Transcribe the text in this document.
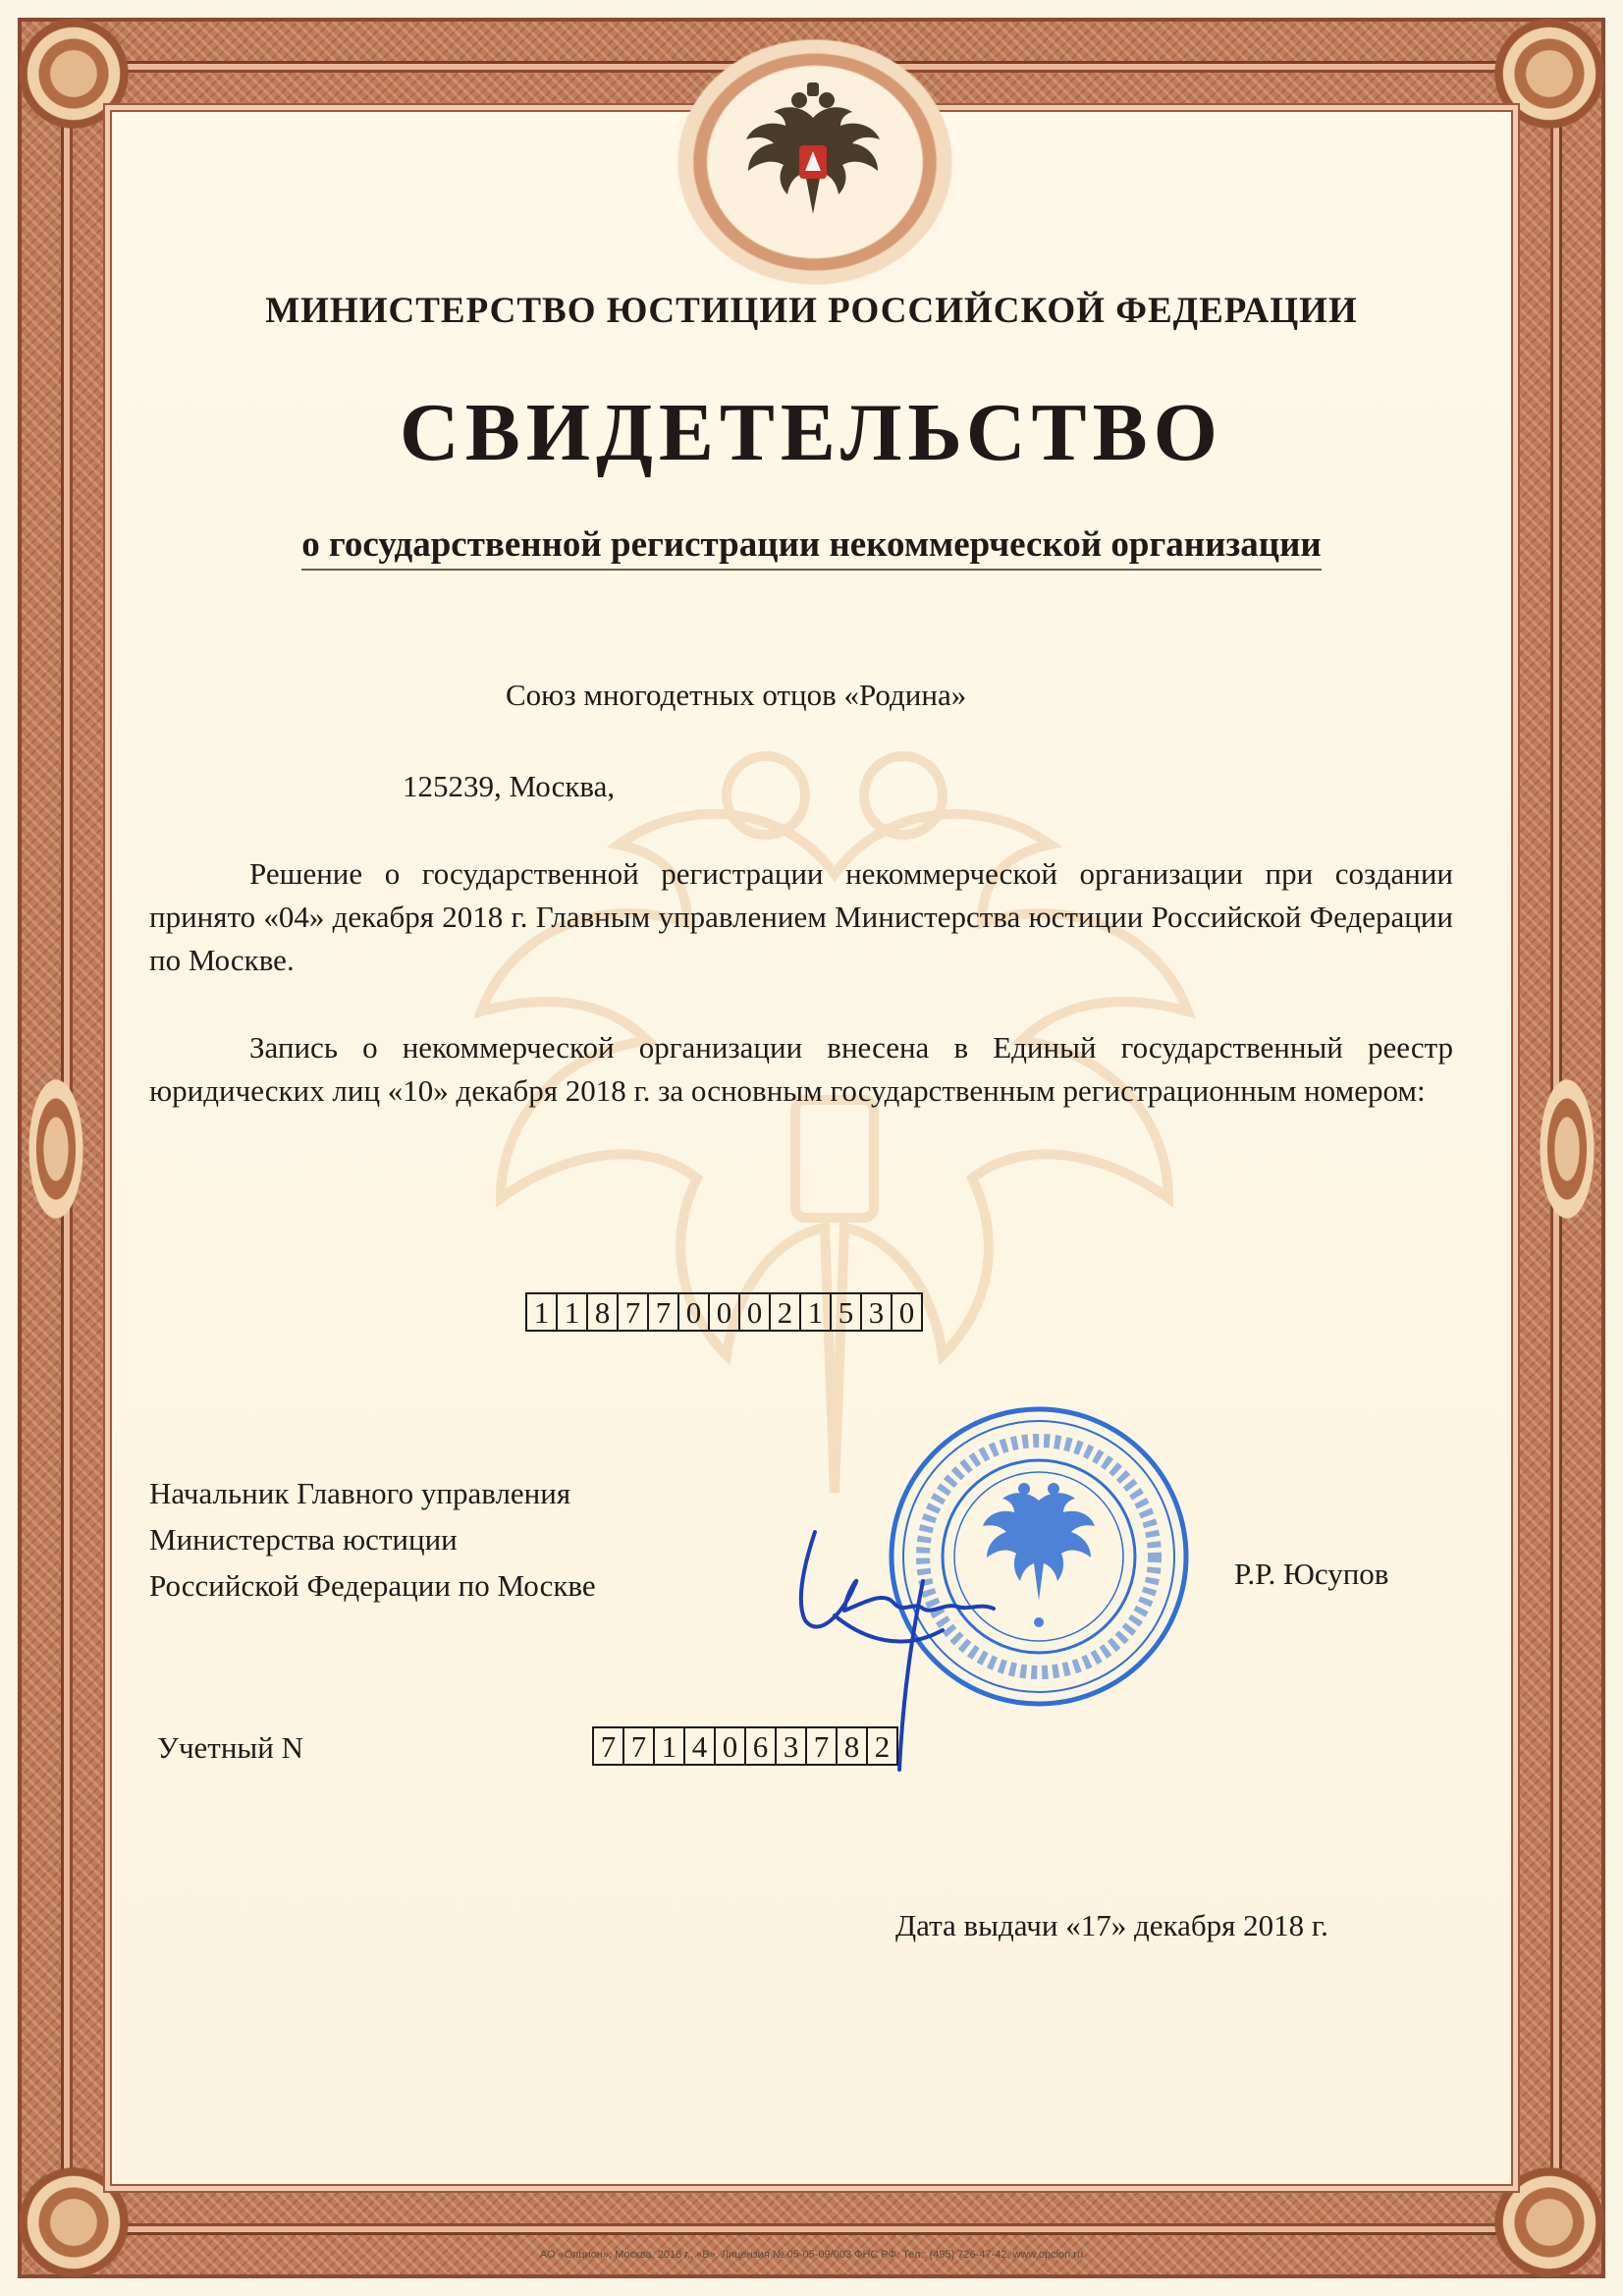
МИНИСТЕРСТВО ЮСТИЦИИ РОССИЙСКОЙ ФЕДЕРАЦИИ
СВИДЕТЕЛЬСТВО
о государственной регистрации некоммерческой организации
Союз многодетных отцов «Родина»
125239, Москва,
Решение о государственной регистрации некоммерческой организации при создании принято «04» декабря 2018 г. Главным управлением Министерства юстиции Российской Федерации по Москве.
Запись о некоммерческой организации внесена в Единый государственный реестр юридических лиц «10» декабря 2018 г. за основным государственным регистрационным номером:
1 1 8 7 7 0 0 0 2 1 5 3 0
Начальник Главного управления
Министерства юстиции
Российской Федерации по Москве	Р.Р. Юсупов
Учетный N	7 7 1 4 0 6 3 7 8 2
Дата выдачи «17» декабря 2018 г.
АО «Опцион», Москва, 2018 г., «В». Лицензия № 05-05-09/003 ФНС РФ. Тел.: (495) 726-47-42, www.opcion.ru
